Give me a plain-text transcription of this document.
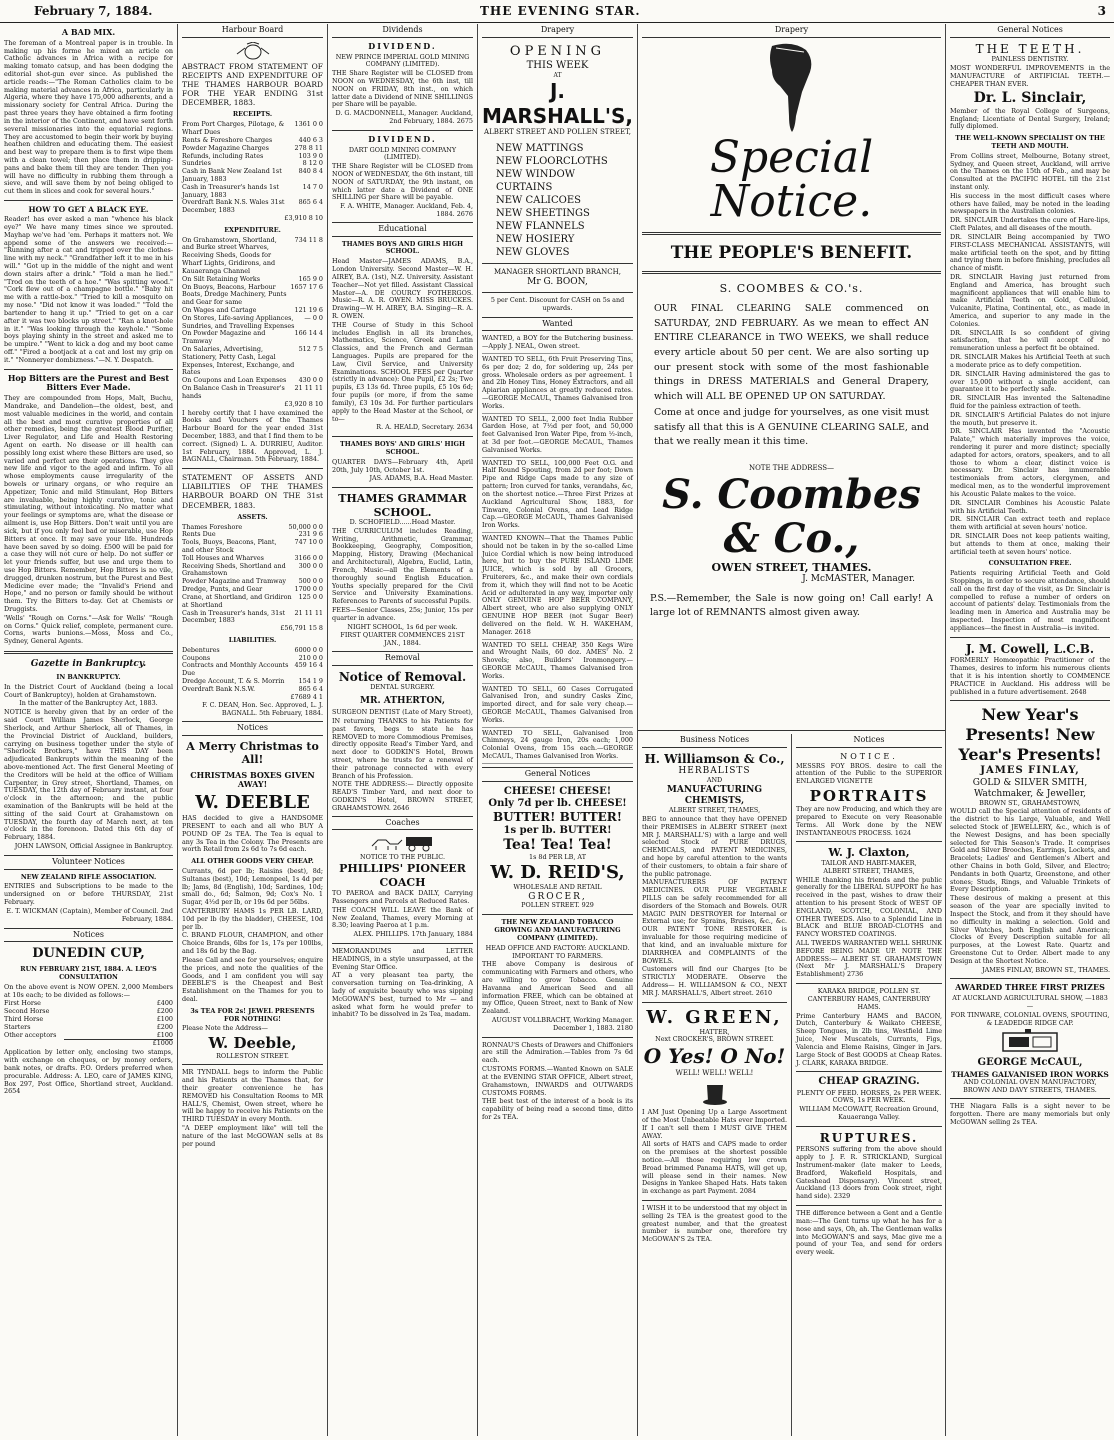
February 7, 1884.	THE EVENING STAR.	3
A BAD MIX.

The foreman of a Montreal paper is in trouble. In making up his forme he mixed an article on Catholic advances in Africa with a recipe for making tomato catsup, and has been dodging the editorial shot-gun ever since. As published the article reads:—"The Roman Catholics claim to be making material advances in Africa, particularly in Algeria, where they have 175,000 adherents, and a missionary society for Central Africa. During the past three years they have obtained a firm footing in the interior of the Continent, and have sent forth several missionaries into the equatorial regions. They are accustomed to begin their work by buying heathen children and educating them. The easiest and best way to prepare them is to first wipe them with a clean towel; then place them in dripping-pans and bake them till they are tender. Then you will have no difficulty in rubbing them through a sieve, and will save them by not being obliged to cut them in slices and cook for several hours."

HOW TO GET A BLACK EYE.

Reader! has ever asked a man "whence his black eye?" We have many times since we sprouted. Mayhap we've had 'em. Perhaps it matters not. We append some of the answers we received:— "Running after a cat and tripped over the clothes-line with my neck." "Grandfather left it to me in his will." "Got up in the middle of the night and went down stairs after a drink." "Told a man he lied." "Trod on the teeth of a hoe." "Was spitting wood." "Cork flew out of a champagne bottle." "Baby hit me with a rattle-box." "Tried to kill a mosquito on my nose." "Did not know it was loaded." "Told the bartender to hang it up." "Tried to get on a car after it was two blocks up street." "Ran a knot-hole in it." "Was looking through the keyhole." "Some boys playing shinty in the street and asked me to be umpire." "Went to kick a dog and my boot came off." "Fired a bootjack at a cat and lost my grip on it." "Nonneryer dombizness."—N. Y. Despatch.

Hop Bitters are the Purest and Best Bitters Ever Made.

They are compounded from Hops, Malt, Buchu, Mandrake, and Dandelion—the oldest, best, and most valuable medicines in the world, and contain all the best and most curative properties of all other remedies, being the greatest Blood Purifier, Liver Regulator, and Life and Health Restoring Agent on earth. No disease or ill health can possibly long exist where these Bitters are used, so varied and perfect are their operations. They give new life and vigor to the aged and infirm. To all whose employments cause irregularity of the bowels or urinary organs, or who require an Appetizer, Tonic and mild Stimulant, Hop Bitters are invaluable, being highly curative, tonic and stimulating, without intoxicating. No matter what your feelings or symptoms are, what the disease or ailment is, use Hop Bitters. Don't wait until you are sick, but if you only feel bad or miserable, use Hop Bitters at once. It may save your life. Hundreds have been saved by so doing. £500 will be paid for a case they will not cure or help. Do not suffer or let your friends suffer, but use and urge them to use Hop Bitters. Remember, Hop Bitters is no vile, drugged, drunken nostrum, but the Purest and Best Medicine ever made; the "Invalid's Friend and Hope," and no person or family should be without them. Try the Bitters to-day. Get at Chemists or Druggists.

'Wells' "Rough on Corns."—Ask for Wells' "Rough on Corns." Quick relief, complete, permanent cure. Corns, warts bunions.—Moss, Moss and Co., Sydney, General Agents.

Gazette in Bankruptcy.
IN BANKRUPTCY.

In the District Court of Auckland (being a local Court of Bankruptcy), holden at Grahamstown.

In the matter of the Bankruptcy Act, 1883.

NOTICE is hereby given that by an order of the said Court William James Sherlock, George Sherlock, and Arthur Sherlock, all of Thames, in the Provincial District of Auckland, builders, carrying on business together under the style of "Sherlock Brothers," have THIS DAY been adjudicated Bankrupts within the meaning of the above-mentioned Act. The first General Meeting of the Creditors will be held at the office of William Carpenter, in Grey street, Shortland, Thames, on TUESDAY, the 12th day of February instant, at four o'clock in the afternoon; and the public examination of the Bankrupts will be held at the sitting of the said Court at Grahamstown on TUESDAY, the fourth day of March next, at ten o'clock in the forenoon. Dated this 6th day of February, 1884.

JOHN LAWSON, Official Assignee in Bankruptcy.

Volunteer Notices
NEW ZEALAND RIFLE ASSOCIATION.

ENTRIES and Subscriptions to be made to the undersigned on or before THURSDAY, 21st February.

E. T. WICKMAN (Captain), Member of Council. 2nd February, 1884.

Notices
DUNEDIN CUP,
RUN FEBRUARY 21ST, 1884. A. LEO'S CONSULTATION

On the above event is NOW OPEN. 2,000 Members at 10s each; to be divided as follows:—

First Horse	£400
Second Horse	£200
Third Horse	£100
Starters	£200
Other acceptors	£100
£1000

Application by letter only, enclosing two stamps, with exchange on cheques, or by money orders, bank notes, or drafts. P.O. Orders preferred when procurable. Address: A. LEO, care of JAMES KING, Box 297, Post Office, Shortland street, Auckland. 2654

Harbour Board

ABSTRACT FROM STATEMENT OF RECEIPTS AND EXPENDITURE OF THE THAMES HARBOUR BOARD FOR THE YEAR ENDING 31st DECEMBER, 1883.

RECEIPTS.
From Port Charges, Pilotage, & Wharf Dues
1361 0 0
Rents & Foreshore Charges	440 6 3
Powder Magazine Charges	278 8 11
Refunds, including Rates	103 9 0
Sundries	8 12 0
Cash in Bank New Zealand 1st January, 1883
840 8 4
Cash in Treasurer's hands 1st January, 1883
14 7 0
Overdraft Bank N.S. Wales 31st December, 1883
865 6 4
£3,910 8 10
EXPENDITURE.
On Grahamstown, Shortland, and Burke street Wharves, Receiving Sheds, Goods for Wharf Lights, Gridirons, and Kauaeranga Channel
734 11 8
On Silt Retaining Works	165 9 0
On Buoys, Beacons, Harbour Boats, Dredge Machinery, Punts and Gear for same
1657 17 6
On Wages and Cartage	121 19 6
On Stores, Life-saving Appliances, Sundries, and Travelling Expenses
— 0 0
On Powder Magazine and Tramway
166 14 4
On Salaries, Advertising, Stationery, Petty Cash, Legal Expenses, Interest, Exchange, and Rates
512 7 5
On Coupons and Loan Expenses	430 0 0
On Balance Cash in Treasurer's hands
21 11 11
£3,920 8 10

I hereby certify that I have examined the Books and Vouchers of the Thames Harbour Board for the year ended 31st December, 1883, and that I find them to be correct. (Signed) L. A. DURRIEU, Auditor. 1st February, 1884. Approved, L. J. BAGNALL, Chairman. 5th February, 1884.

STATEMENT OF ASSETS AND LIABILITIES OF THE THAMES HARBOUR BOARD ON THE 31st DECEMBER, 1883.

ASSETS.
Thames Foreshore	50,000 0 0
Rents Due	231 9 6
Tools, Buoys, Beacons, Plant, and other Stock
747 10 0
Toll Houses and Wharves	3166 0 0
Receiving Sheds, Shortland and Grahamstown
300 0 0
Powder Magazine and Tramway	500 0 0
Dredge, Punts, and Gear	1700 0 0
Crane, at Shortland, and Gridiron at Shortland
125 0 0
Cash in Treasurer's hands, 31st December, 1883
21 11 11
£56,791 15 8
LIABILITIES.
Debentures	6000 0 0
Coupons	210 0 0
Contracts and Monthly Accounts Due
459 16 4
Dredge Account, T. & S. Morrin	154 1 9
Overdraft Bank N.S.W.	865 6 4
£7689 4 1

F. C. DEAN, Hon. Sec. Approved, L. J. BAGNALL. 5th February, 1884.

Notices
A Merry Christmas to All!
CHRISTMAS BOXES GIVEN AWAY!
W. DEEBLE

HAS decided to give a HANDSOME PRESENT to each and all who BUY A POUND OF 2s TEA. The Tea is equal to any 3s Tea in the Colony. The Presents are worth Retail from 2s 6d to 7s 6d each.

ALL OTHER GOODS VERY CHEAP.

Currants, 6d per lb; Raisins (best), 8d; Sultanas (best), 10d; Lemonpeel, 1s 4d per lb; Jams, 8d (English), 10d; Sardines, 10d; small do., 6d; Salmon, 9d; Cox's No. 1 Sugar, 4½d per lb, or 19s 6d per 56lbs.

CANTERBURY HAMS 1s PER LB. LARD, 10d per lb (by the bladder), CHEESE, 10d per lb.

C. BRAND FLOUR, CHAMPION, and other Choice Brands, 6lbs for 1s, 17s per 100lbs, and 18s 6d by the Bag.

Please Call and see for yourselves; enquire the prices, and note the qualities of the Goods, and I am confident you will say DEEBLE'S is the Cheapest and Best Establishment on the Thames for you to deal.

3s TEA FOR 2s! JEWEL PRESENTS FOR NOTHING!

Please Note the Address—

W. Deeble,
ROLLESTON STREET.

MR TYNDALL begs to inform the Public and his Patients at the Thames that, for their greater convenience he has REMOVED his Consultation Rooms to MR HALL'S, Chemist, Owen street, where he will be happy to receive his Patients on the THIRD TUESDAY in every Month.

"A DEEP employment like" will tell the nature of the last McGOWAN sells at 8s per pound

Dividends
DIVIDEND.
NEW PRINCE IMPERIAL GOLD MINING COMPANY (LIMITED).

THE Share Register will be CLOSED from NOON on WEDNESDAY, the 6th inst, till NOON on FRIDAY, 8th inst., on which latter date a Dividend of NINE SHILLINGS per Share will be payable.

D. G. MACDONNELL, Manager. Auckland, 2nd February, 1884. 2675

DIVIDEND.
DART GOLD MINING COMPANY (LIMITED).

THE Share Register will be CLOSED from NOON of WEDNESDAY, the 6th instant, till NOON of SATURDAY, the 9th instant, on which latter date a Dividend of ONE SHILLING per Share will be payable.

F. A. WHITE, Manager. Auckland, Feb. 4, 1884. 2676

Educational
THAMES BOYS AND GIRLS HIGH SCHOOL.

Head Master—JAMES ADAMS, B.A., London University. Second Master—W. H. AIREY, B.A. (1st), N.Z. University. Assistant Teacher—Not yet filled. Assistant Classical Master—A. DE COURCY FOTHERGOS. Music—R. A. R. OWEN. MISS BRUCKES. Drawing—W. H. AIREY, B.A. Singing—R. A. R. OWEN.

THE Course of Study in this School includes English in all its branches, Mathematics, Science, Greek and Latin Classics, and the French and German Languages. Pupils are prepared for the Law, Civil Service, and University Examinations. SCHOOL FEES per Quarter (strictly in advance): One Pupil, £2 2s; Two pupils, £3 13s 6d. Three pupils, £5 10s 6d; four pupils (or more, if from the same family), £3 10s 3d. For further particulars apply to the Head Master at the School, or to—

R. A. HEALD, Secretary. 2634

THAMES BOYS' AND GIRLS' HIGH SCHOOL.

QUARTER DAYS—February 4th, April 20th, July 10th, October 1st.

JAS. ADAMS, B.A. Head Master.

THAMES GRAMMAR SCHOOL.
D. SCHOFIELD......Head Master.

THE CURRICULUM includes Reading, Writing, Arithmetic, Grammar, Bookkeeping, Geography, Composition, Mapping, History, Drawing (Mechanical and Architectural), Algebra, Euclid, Latin, French, Music—all the Elements of a thoroughly sound English Education. Youths specially prepared for the Civil Service and University Examinations. References to Parents of successful Pupils.

FEES—Senior Classes, 25s; Junior, 15s per quarter in advance.

NIGHT SCHOOL, 1s 6d per week.

FIRST QUARTER COMMENCES 21ST JAN., 1884.

Removal
Notice of Removal.
DENTAL SURGERY.
MR. ATHERTON,
SURGEON DENTIST (Late of Mary Street),

IN returning THANKS to his Patients for past favors, begs to state he has REMOVED to more Commodious Premises, directly opposite Read's Timber Yard, and next door to GODKIN'S Hotel, Brown street, where he trusts for a renewal of their patronage connected with every Branch of his Profession.

NOTE THE ADDRESS:— Directly opposite READ'S Timber Yard, and next door to GODKIN'S Hotel, BROWN STREET, GRAHAMSTOWN. 2646

Coaches
NOTICE TO THE PUBLIC.
PHILLIPS' PIONEER COACH

TO PAEROA and BACK DAILY, Carrying Passengers and Parcels at Reduced Rates.

THE COACH WILL LEAVE the Bank of New Zealand, Thames, every Morning at 8.30; leaving Paeroa at 1 p.m.

ALEX. PHILLIPS. 17th January, 1884

MEMORANDUMS and LETTER HEADINGS, in a style unsurpassed, at the Evening Star Office.

AT a very pleasant tea party, the conversation turning on Tea-drinking, A lady of exquisite beauty who was sipping McGOWAN'S best, turned to Mr — and asked what form he would prefer to inhabit? To be dissolved in 2s Tea, madam.

Drapery
OPENING
THIS WEEK
AT
J. MARSHALL'S,
ALBERT STREET AND POLLEN STREET,
NEW MATTINGS
NEW FLOORCLOTHS
NEW WINDOW CURTAINS
NEW CALICOES
NEW SHEETINGS
NEW FLANNELS
NEW HOSIERY
NEW GLOVES
MANAGER SHORTLAND BRANCH,
Mr G. BOON,

5 per Cent. Discount for CASH on 5s and upwards.

Wanted
WANTED, a BOY for the Butchering business.—Apply J. NEAL, Owen street.
WANTED TO SELL, 6th Fruit Preserving Tins, 6s per doz; 2 do, for soldering up, 24s per gross. Wholesale orders as per agreement. 1 and 2lb Honey Tins, Honey Extractors, and all Apiarian appliances at greatly reduced rates.—GEORGE McCAUL, Thames Galvanised Iron Works.
WANTED TO SELL, 2,000 feet India Rubber Garden Hose, at 7½d per foot, and 50,000 feet Galvanised Iron Water Pipe, from ½-inch, at 3d per foot.—GEORGE McCAUL, Thames Galvanised Works.
WANTED TO SELL, 100,000 Feet O.G. and Half Round Spouting, from 2d per foot; Down Pipe and Ridge Caps made to any size of pattern; Iron curved for tanks, verandahs, &c, on the shortest notice.—Three First Prizes at Auckland Agricultural Show, 1883, for Tinware, Colonial Ovens, and Lead Ridge Cap.—GEORGE McCAUL, Thames Galvanised Iron Works.
WANTED KNOWN—That the Thames Public should not be taken in by the so-called Lime Juice Cordial which is now being introduced here, but to buy the PURE ISLAND LIME JUICE, which is sold by all Grocers, Fruiterers, &c., and make their own cordials from it, which they will find not to be Acetic Acid or adulterated in any way, importer only ONLY GENUINE HOP BEER COMPANY, Albert street, who are also supplying ONLY GENUINE HOP BEER (not Sugar Beer) delivered on the field. W. H. WAKEHAM, Manager. 2618
WANTED TO SELL CHEAP, 350 Kegs Wire and Wrought Nails, 60 doz. AMES' No. 2 Shovels; also, Builders' Ironmongery.—GEORGE McCAUL, Thames Galvanised Iron Works.
WANTED TO SELL, 60 Cases Corrugated Galvanised Iron, and sundry Casks Zinc, imported direct, and for sale very cheap.—GEORGE McCAUL, Thames Galvanised Iron Works.
WANTED TO SELL, Galvanised Iron Chimneys, 24 gauge Iron, 20s each; 1,000 Colonial Ovens, from 15s each.—GEORGE McCAUL, Thames Galvanised Iron Works.
General Notices
CHEESE! CHEESE!
Only 7d per lb. CHEESE!
BUTTER! BUTTER!
1s per lb. BUTTER!
Tea! Tea! Tea!
1s 8d PER LB, AT
W. D. REID'S,
WHOLESALE AND RETAIL
GROCER,
POLLEN STREET. 929
THE NEW ZEALAND TOBACCO GROWING AND MANUFACTURING COMPANY (LIMITED).
HEAD OFFICE AND FACTORY: AUCKLAND.
IMPORTANT TO FARMERS.

THE above Company is desirous of communicating with Farmers and others, who are willing to grow Tobacco. Genuine Havanna and American Seed and all information FREE, which can be obtained at my Office, Queen Street, next to Bank of New Zealand.

AUGUST VOLLBRACHT, Working Manager. December 1, 1883. 2180

RONNAU'S Chests of Drawers and Chiffoniers are still the Admiration.—Tables from 7s 6d each.

CUSTOMS FORMS.—Wanted Known on SALE at the EVENING STAR OFFICE, Albert street, Grahamstown, INWARDS and OUTWARDS CUSTOMS FORMS.

THE best test of the interest of a book is its capability of being read a second time, ditto for 2s TEA.

Drapery
Special Notice.
THE PEOPLE'S BENEFIT.
S. COOMBES & CO.'s.

OUR FINAL CLEARING SALE commenced on SATURDAY, 2ND FEBRUARY. As we mean to effect AN ENTIRE CLEARANCE in TWO WEEKS, we shall reduce every article about 50 per cent. We are also sorting up our present stock with some of the most fashionable things in DRESS MATERIALS and General Drapery, which will ALL BE OPENED UP ON SATURDAY.

Come at once and judge for yourselves, as one visit must satisfy all that this is A GENUINE CLEARING SALE, and that we really mean it this time.

NOTE THE ADDRESS—
S. Coombes & Co.,
OWEN STREET, THAMES.
J. McMASTER, Manager.

P.S.—Remember, the Sale is now going on! Call early! A large lot of REMNANTS almost given away.

Business Notices
H. Williamson & Co.,
HERBALISTS
AND
MANUFACTURING CHEMISTS,
ALBERT STREET, THAMES,

BEG to announce that they have OPENED their PREMISES in ALBERT STREET (next MR J. MARSHALL'S) with a large and well selected Stock of PURE DRUGS, CHEMICALS, and PATENT MEDICINES, and hope by careful attention to the wants of their customers, to obtain a fair share of the public patronage.

MANUFACTURERS OF PATENT MEDICINES. OUR PURE VEGETABLE PILLS can be safely recommended for all disorders of the Stomach and Bowels. OUR MAGIC PAIN DESTROYER for Internal or External use; for Sprains, Bruises, &c., &c. OUR PATENT TONE RESTORER is invaluable for those requiring medicine of that kind, and an invaluable mixture for DIARRHŒA and COMPLAINTS of the BOWELS.

Customers will find our Charges [to be STRICTLY MODERATE. Observe the Address— H. WILLIAMSON & CO., NEXT MR J. MARSHALL'S, Albert street. 2610

W. GREEN,
HATTER,
Next CROCKER'S, BROWN STREET.
O Yes! O No!
WELL! WELL! WELL!

I AM Just Opening Up a Large Assortment of the Most Unbeatable Hats ever Imported. If I can't sell them I MUST GIVE THEM AWAY.

All sorts of HATS and CAPS made to order on the premises at the shortest possible notice.—All those requiring low crown Broad brimmed Panama HATS, will get up, will please send in their names. New Designs in Yankee Shaped Hats. Hats taken in exchange as part Payment. 2084

I WISH it to be understood that my object in selling 2s TEA is the greatest good to the greatest number, and that the greatest number is number one, therefore try McGOWAN'S 2s TEA.

Notices
NOTICE.

MESSRS FOY BROS. desire to call the attention of the Public to the SUPERIOR ENLARGED VIGNETTE

PORTRAITS

They are now Producing, and which they are prepared to Execute on very Reasonable Terms. All Work done by the NEW INSTANTANEOUS PROCESS. 1624

W. J. Claxton,
TAILOR AND HABIT-MAKER,
ALBERT STREET, THAMES,

WHILE thanking his friends and the public generally for the LIBERAL SUPPORT he has received in the past, wishes to draw their attention to his present Stock of WEST OF ENGLAND, SCOTCH, COLONIAL, AND OTHER TWEEDS. Also to a Splendid Line in BLACK and BLUE BROAD-CLOTHS and FANCY WORSTED COATINGS.

ALL TWEEDS WARRANTED WELL SHRUNK BEFORE BEING MADE UP. NOTE THE ADDRESS:— ALBERT ST. GRAHAMSTOWN (Next Mr J. MARSHALL'S Drapery Establishment) 2736

KARAKA BRIDGE, POLLEN ST.
CANTERBURY HAMS, CANTERBURY HAMS.

Prime Canterbury HAMS and BACON, Dutch, Canterbury & Waikato CHEESE, Sheep Tongues, in 2lb tins, Westfield Lime Juice, New Muscatels, Currants, Figs, Valencia and Eleme Raisins, Ginger in Jars. Large Stock of Best GOODS at Cheap Rates. J. CLARK, KARAKA BRIDGE.

CHEAP GRAZING.

PLENTY OF FEED. HORSES, 2s PER WEEK. COWS, 1s PER WEEK.

WILLIAM McCOWATT, Recreation Ground, Kauaeranga Valley.

RUPTURES.

PERSONS suffering from the above should apply to J. F. R. STRICKLAND, Surgical Instrument-maker (late maker to Leeds, Bradford, Wakefield Hospitals, and Gateshead Dispensary). Vincent street, Auckland (13 doors from Cook street, right hand side). 2329

THE difference between a Gent and a Gentle man:—The Gent turns up what he has for a nose and says, Oh, ah. The Gentleman walks into McGOWAN'S and says, Mac give me a pound of your Tea, and send for orders every week.

General Notices
THE TEETH.
PAINLESS DENTISTRY.

MOST WONDERFUL IMPROVEMENTS in the MANUFACTURE of ARTIFICIAL TEETH.—CHEAPER THAN EVER.

Dr. L. Sinclair,

Member of the Royal College of Surgeons, England; Licentiate of Dental Surgery, Ireland; fully diplomed.

THE WELL-KNOWN SPECIALIST ON THE TEETH AND MOUTH.

From Collins street, Melbourne, Botany street, Sydney, and Queen street, Auckland, will arrive on the Thames on the 15th of Feb., and may be Consulted at the PACIFIC HOTEL till the 21st instant only.

His success in the most difficult cases where others have failed, may be noted in the leading newspapers in the Australian colonies.

DR. SINCLAIR Undertakes the cure of Hare-lips, Cleft Palates, and all diseases of the mouth.
DR. SINCLAIR Being accompanied by TWO FIRST-CLASS MECHANICAL ASSISTANTS, will make artificial teeth on the spot, and by fitting and trying them in before finishing, precludes all chance of misfit.
DR. SINCLAIR Having just returned from England and America, has brought such magnificent appliances that will enable him to make Artificial Teeth on Gold, Celluloid, Vulcanite, Platina, Continental, etc., as made in America, and superior to any made in the Colonies.
DR. SINCLAIR Is so confident of giving satisfaction, that he will accept of no remuneration unless a perfect fit be obtained.
DR. SINCLAIR Makes his Artificial Teeth at such a moderate price as to defy competition.
DR. SINCLAIR Having administered the gas to over 15,000 without a single accident, can guarantee it to be perfectly safe.
DR. SINCLAIR Has invented the Saltenadine fluid for the painless extraction of teeth.
DR. SINCLAIR'S Artificial Palates do not injure the mouth, but preserve it.
DR. SINCLAIR Has invented the "Acoustic Palate," which materially improves the voice, rendering it purer and more distinct; specially adapted for actors, orators, speakers, and to all those to whom a clear, distinct voice is necessary. Dr. Sinclair has innumerable testimonials from actors, clergymen, and medical men, as to the wonderful improvement his Acoustic Palate makes to the voice.
DR. SINCLAIR Combines his Acoustic Palate with his Artificial Teeth.
DR. SINCLAIR Can extract teeth and replace them with artificial at seven hours' notice.
DR. SINCLAIR Does not keep patients waiting, but attends to them at once, making their artificial teeth at seven hours' notice.
CONSULTATION FREE.

Patients requiring Artificial Teeth and Gold Stoppings, in order to secure attendance, should call on the first day of the visit, as Dr. Sinclair is compelled to refuse a number of orders on account of patients' delay. Testimonials from the leading men in America and Australia may be inspected. Inspection of most magnificent appliances—the finest in Australia—is invited.

J. M. Cowell, L.C.B.

FORMERLY Homœopathic Practitioner of the Thames, desires to inform his numerous clients that it is his intention shortly to COMMENCE PRACTICE in Auckland. His address will be published in a future advertisement. 2648

New Year's Presents! New Year's Presents!
JAMES FINLAY,
GOLD & SILVER SMITH, Watchmaker, & Jeweller,
BROWN ST., GRAHAMSTOWN,

WOULD call the Special attention of residents of the district to his Large, Valuable, and Well selected Stock of JEWELLERY, &c., which is of the Newest Designs, and has been specially selected for This Season's Trade. It comprises Gold and Silver Brooches, Earrings, Lockets, and Bracelets; Ladies' and Gentlemen's Albert and other Chains in both Gold, Silver, and Electro; Pendants in both Quartz, Greenstone, and other stones; Studs, Rings, and Valuable Trinkets of Every Description.

These desirous of making a present at this season of the year are specially invited to Inspect the Stock, and from it they should have no difficulty in making a selection. Gold and Silver Watches, both English and American; Clocks of Every Description suitable for all purposes, at the Lowest Rate. Quartz and Greenstone Cut to Order. Albert made to any Design at the Shortest Notice.

JAMES FINLAY, BROWN ST., THAMES.

AWARDED THREE FIRST PRIZES
AT AUCKLAND AGRICULTURAL SHOW, —1883—

FOR TINWARE, COLONIAL OVENS, SPOUTING, & LEADEDGE RIDGE CAP.

GEORGE McCAUL,
THAMES GALVANISED IRON WORKS
AND COLONIAL OVEN MANUFACTORY, BROWN AND DAVY STREETS, THAMES.

THE Niagara Falls is a sight never to be forgotten. There are many memorials but only McGOWAN selling 2s TEA.
